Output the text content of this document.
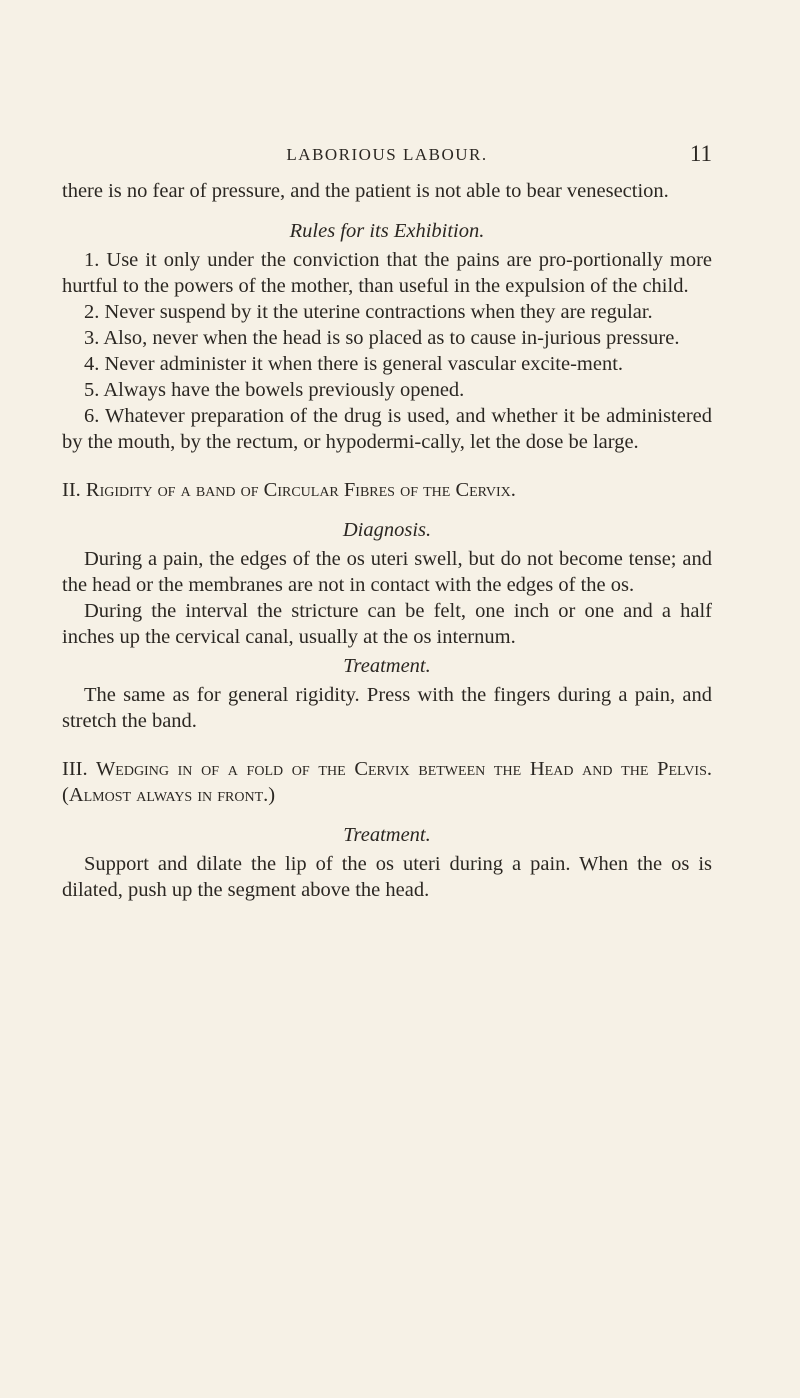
LABORIOUS LABOUR.	11

there is no fear of pressure, and the patient is not able to bear venesection.

Rules for its Exhibition.

1. Use it only under the conviction that the pains are pro-portionally more hurtful to the powers of the mother, than useful in the expulsion of the child.

2. Never suspend by it the uterine contractions when they are regular.

3. Also, never when the head is so placed as to cause in-jurious pressure.

4. Never administer it when there is general vascular excite-ment.

5. Always have the bowels previously opened.

6. Whatever preparation of the drug is used, and whether it be administered by the mouth, by the rectum, or hypodermi-cally, let the dose be large.

II. Rigidity of a band of Circular Fibres of the Cervix.

Diagnosis.

During a pain, the edges of the os uteri swell, but do not become tense; and the head or the membranes are not in contact with the edges of the os.

During the interval the stricture can be felt, one inch or one and a half inches up the cervical canal, usually at the os internum.

Treatment.

The same as for general rigidity. Press with the fingers during a pain, and stretch the band.

III. Wedging in of a fold of the Cervix between the Head and the Pelvis. (Almost always in front.)

Treatment.

Support and dilate the lip of the os uteri during a pain. When the os is dilated, push up the segment above the head.
